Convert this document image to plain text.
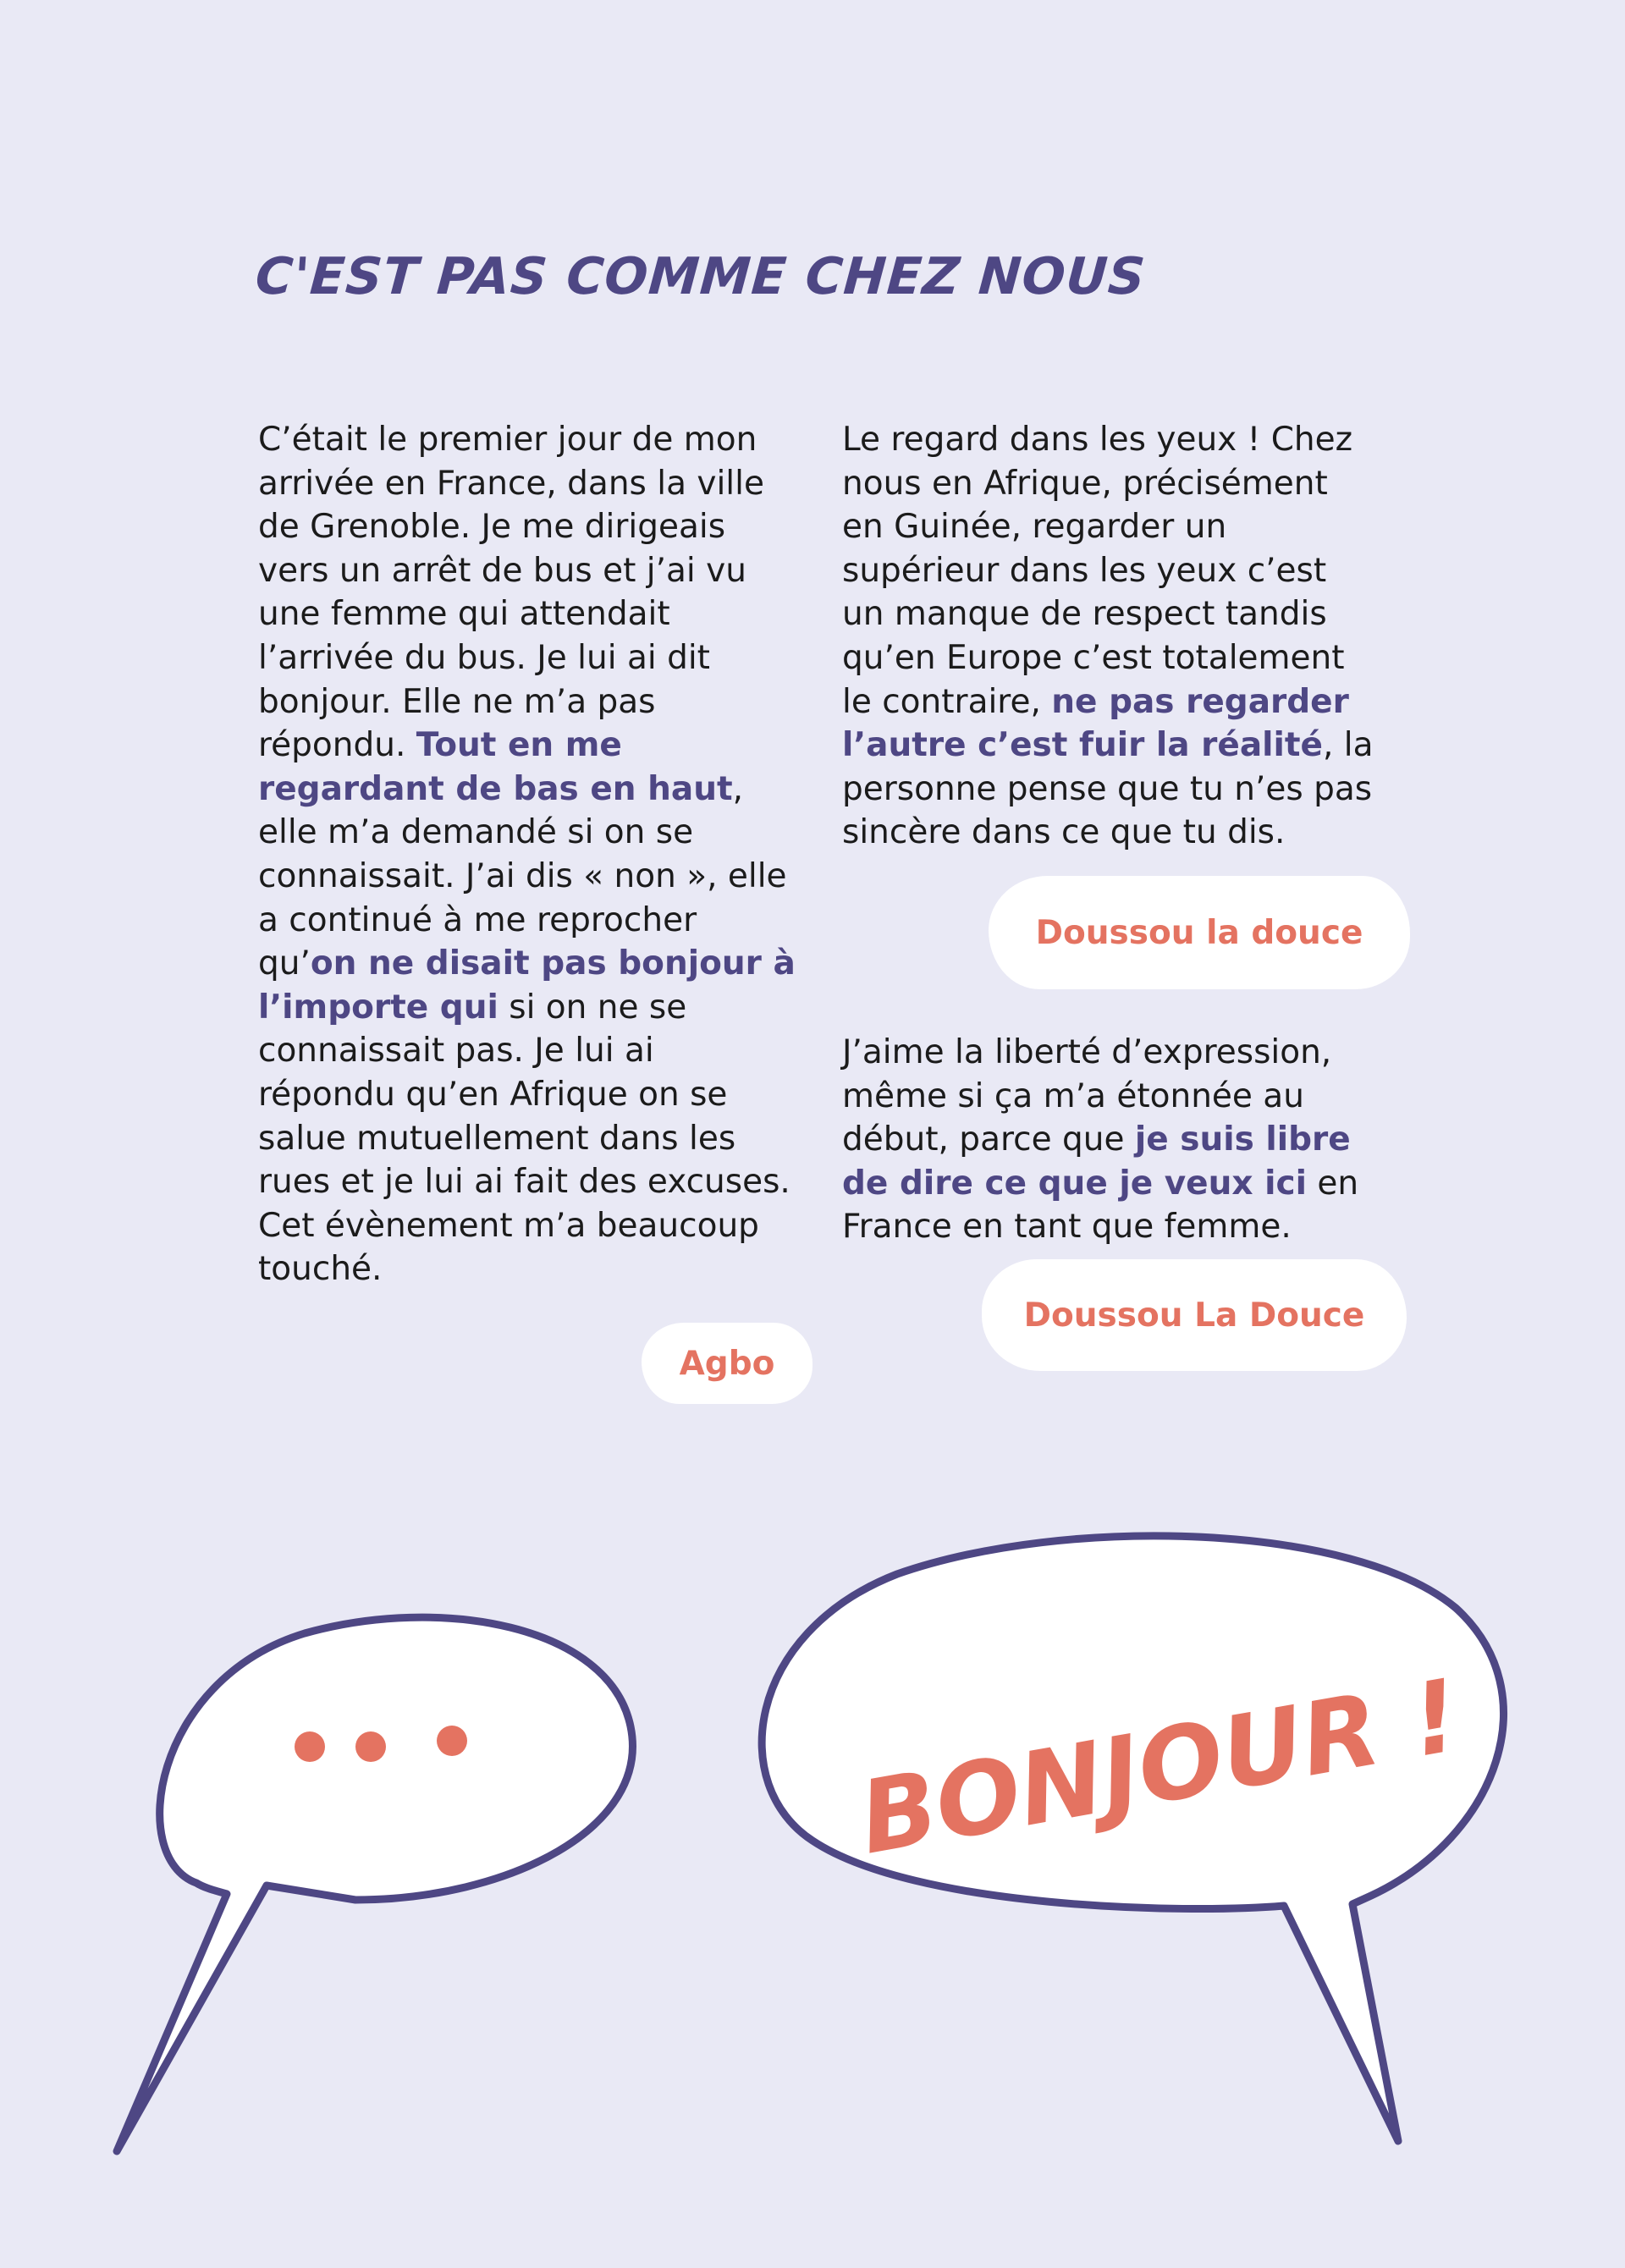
C'EST PAS COMME CHEZ NOUS

C’était le premier jour de mon arrivée en France, dans la ville de Grenoble. Je me dirigeais vers un arrêt de bus et j’ai vu une femme qui attendait l’arrivée du bus. Je lui ai dit bonjour. Elle ne m’a pas répondu. Tout en me regardant de bas en haut, elle m’a demandé si on se connaissait. J’ai dis « non », elle a continué à me reprocher qu’on ne disait pas bonjour à l’importe qui si on ne se connaissait pas. Je lui ai répondu qu’en Afrique on se salue mutuellement dans les rues et je lui ai fait des excuses. Cet évènement m’a beaucoup touché.

Le regard dans les yeux ! Chez nous en Afrique, précisément en Guinée, regarder un supérieur dans les yeux c’est un manque de respect tandis qu’en Europe c’est totalement le contraire, ne pas regarder l’autre c’est fuir la réalité, la personne pense que tu n’es pas sincère dans ce que tu dis.

J’aime la liberté d’expression, même si ça m’a étonnée au début, parce que je suis libre de dire ce que je veux ici en France en tant que femme.

Doussou la douce
Doussou La Douce
Agbo
BONJOUR !
